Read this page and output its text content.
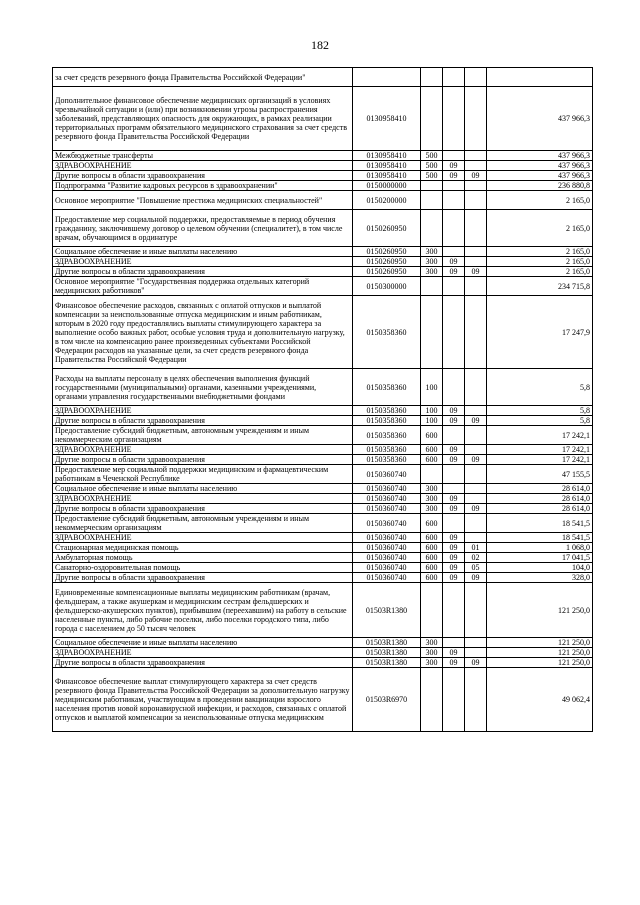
182
за счет средств резервного фонда Правительства Российской Федерации"					

Дополнительное финансовое обеспечение медицинских организаций в условиях чрезвычайной ситуации и (или) при возникновении угрозы распространения заболеваний, представляющих опасность для окружающих, в рамках реализации территориальных программ обязательного медицинского страхования за счет средств резервного фонда Правительства Российской Федерации	0130958410				437 966,3

Межбюджетные трансферты	0130958410	500			437 966,3

ЗДРАВООХРАНЕНИЕ	0130958410	500	09		437 966,3

Другие вопросы в области здравоохранения	0130958410	500	09	09	437 966,3

Подпрограмма "Развитие кадровых ресурсов в здравоохранении"	0150000000				236 880,8

Основное мероприятие "Повышение престижа медицинских специальностей"	0150200000				2 165,0

Предоставление мер социальной поддержки, предоставляемые в период обучения гражданину, заключившему договор о целевом обучении (специалитет), в том числе врачам, обучающимся в ординатуре	0150260950				2 165,0

Социальное обеспечение и иные выплаты населению	0150260950	300			2 165,0

ЗДРАВООХРАНЕНИЕ	0150260950	300	09		2 165,0

Другие вопросы в области здравоохранения	0150260950	300	09	09	2 165,0

Основное мероприятие "Государственная поддержка отдельных категорий медицинских работников"	0150300000				234 715,8

Финансовое обеспечение расходов, связанных с оплатой отпусков и выплатой компенсации за неиспользованные отпуска медицинским и иным работникам, которым в 2020 году предоставлялись выплаты стимулирующего характера за выполнение особо важных работ, особые условия труда и дополнительную нагрузку, в том числе на компенсацию ранее произведенных субъектами Российской Федерации расходов на указанные цели, за счет средств резервного фонда Правительства Российской Федерации	0150358360				17 247,9

Расходы на выплаты персоналу в целях обеспечения выполнения функций государственными (муниципальными) органами, казенными учреждениями, органами управления государственными внебюджетными фондами	0150358360	100			5,8

ЗДРАВООХРАНЕНИЕ	0150358360	100	09		5,8

Другие вопросы в области здравоохранения	0150358360	100	09	09	5,8

Предоставление субсидий бюджетным, автономным учреждениям и иным некоммерческим организациям	0150358360	600			17 242,1

ЗДРАВООХРАНЕНИЕ	0150358360	600	09		17 242,1

Другие вопросы в области здравоохранения	0150358360	600	09	09	17 242,1

Предоставление мер социальной поддержки медицинским и фармацевтическим работникам в Чеченской Республике	0150360740				47 155,5

Социальное обеспечение и иные выплаты населению	0150360740	300			28 614,0

ЗДРАВООХРАНЕНИЕ	0150360740	300	09		28 614,0

Другие вопросы в области здравоохранения	0150360740	300	09	09	28 614,0

Предоставление субсидий бюджетным, автономным учреждениям и иным некоммерческим организациям	0150360740	600			18 541,5

ЗДРАВООХРАНЕНИЕ	0150360740	600	09		18 541,5

Стационарная медицинская помощь	0150360740	600	09	01	1 068,0

Амбулаторная помощь	0150360740	600	09	02	17 041,5

Санаторно-оздоровительная помощь	0150360740	600	09	05	104,0

Другие вопросы в области здравоохранения	0150360740	600	09	09	328,0

Единовременные компенсационные выплаты медицинским работникам (врачам, фельдшерам, а также акушеркам и медицинским сестрам фельдшерских и фельдшерско-акушерских пунктов), прибывшим (переехавшим) на работу в сельские населенные пункты, либо рабочие поселки, либо поселки городского типа, либо города с населением до 50 тысяч человек	01503R1380				121 250,0

Социальное обеспечение и иные выплаты населению	01503R1380	300			121 250,0

ЗДРАВООХРАНЕНИЕ	01503R1380	300	09		121 250,0

Другие вопросы в области здравоохранения	01503R1380	300	09	09	121 250,0

Финансовое обеспечение выплат стимулирующего характера за счет средств резервного фонда Правительства Российской Федерации за дополнительную нагрузку медицинским работникам, участвующим в проведении вакцинации взрослого населения против новой коронавирусной инфекции, и расходов, связанных с оплатой отпусков и выплатой компенсации за неиспользованные отпуска медицинским	01503R6970				49 062,4
